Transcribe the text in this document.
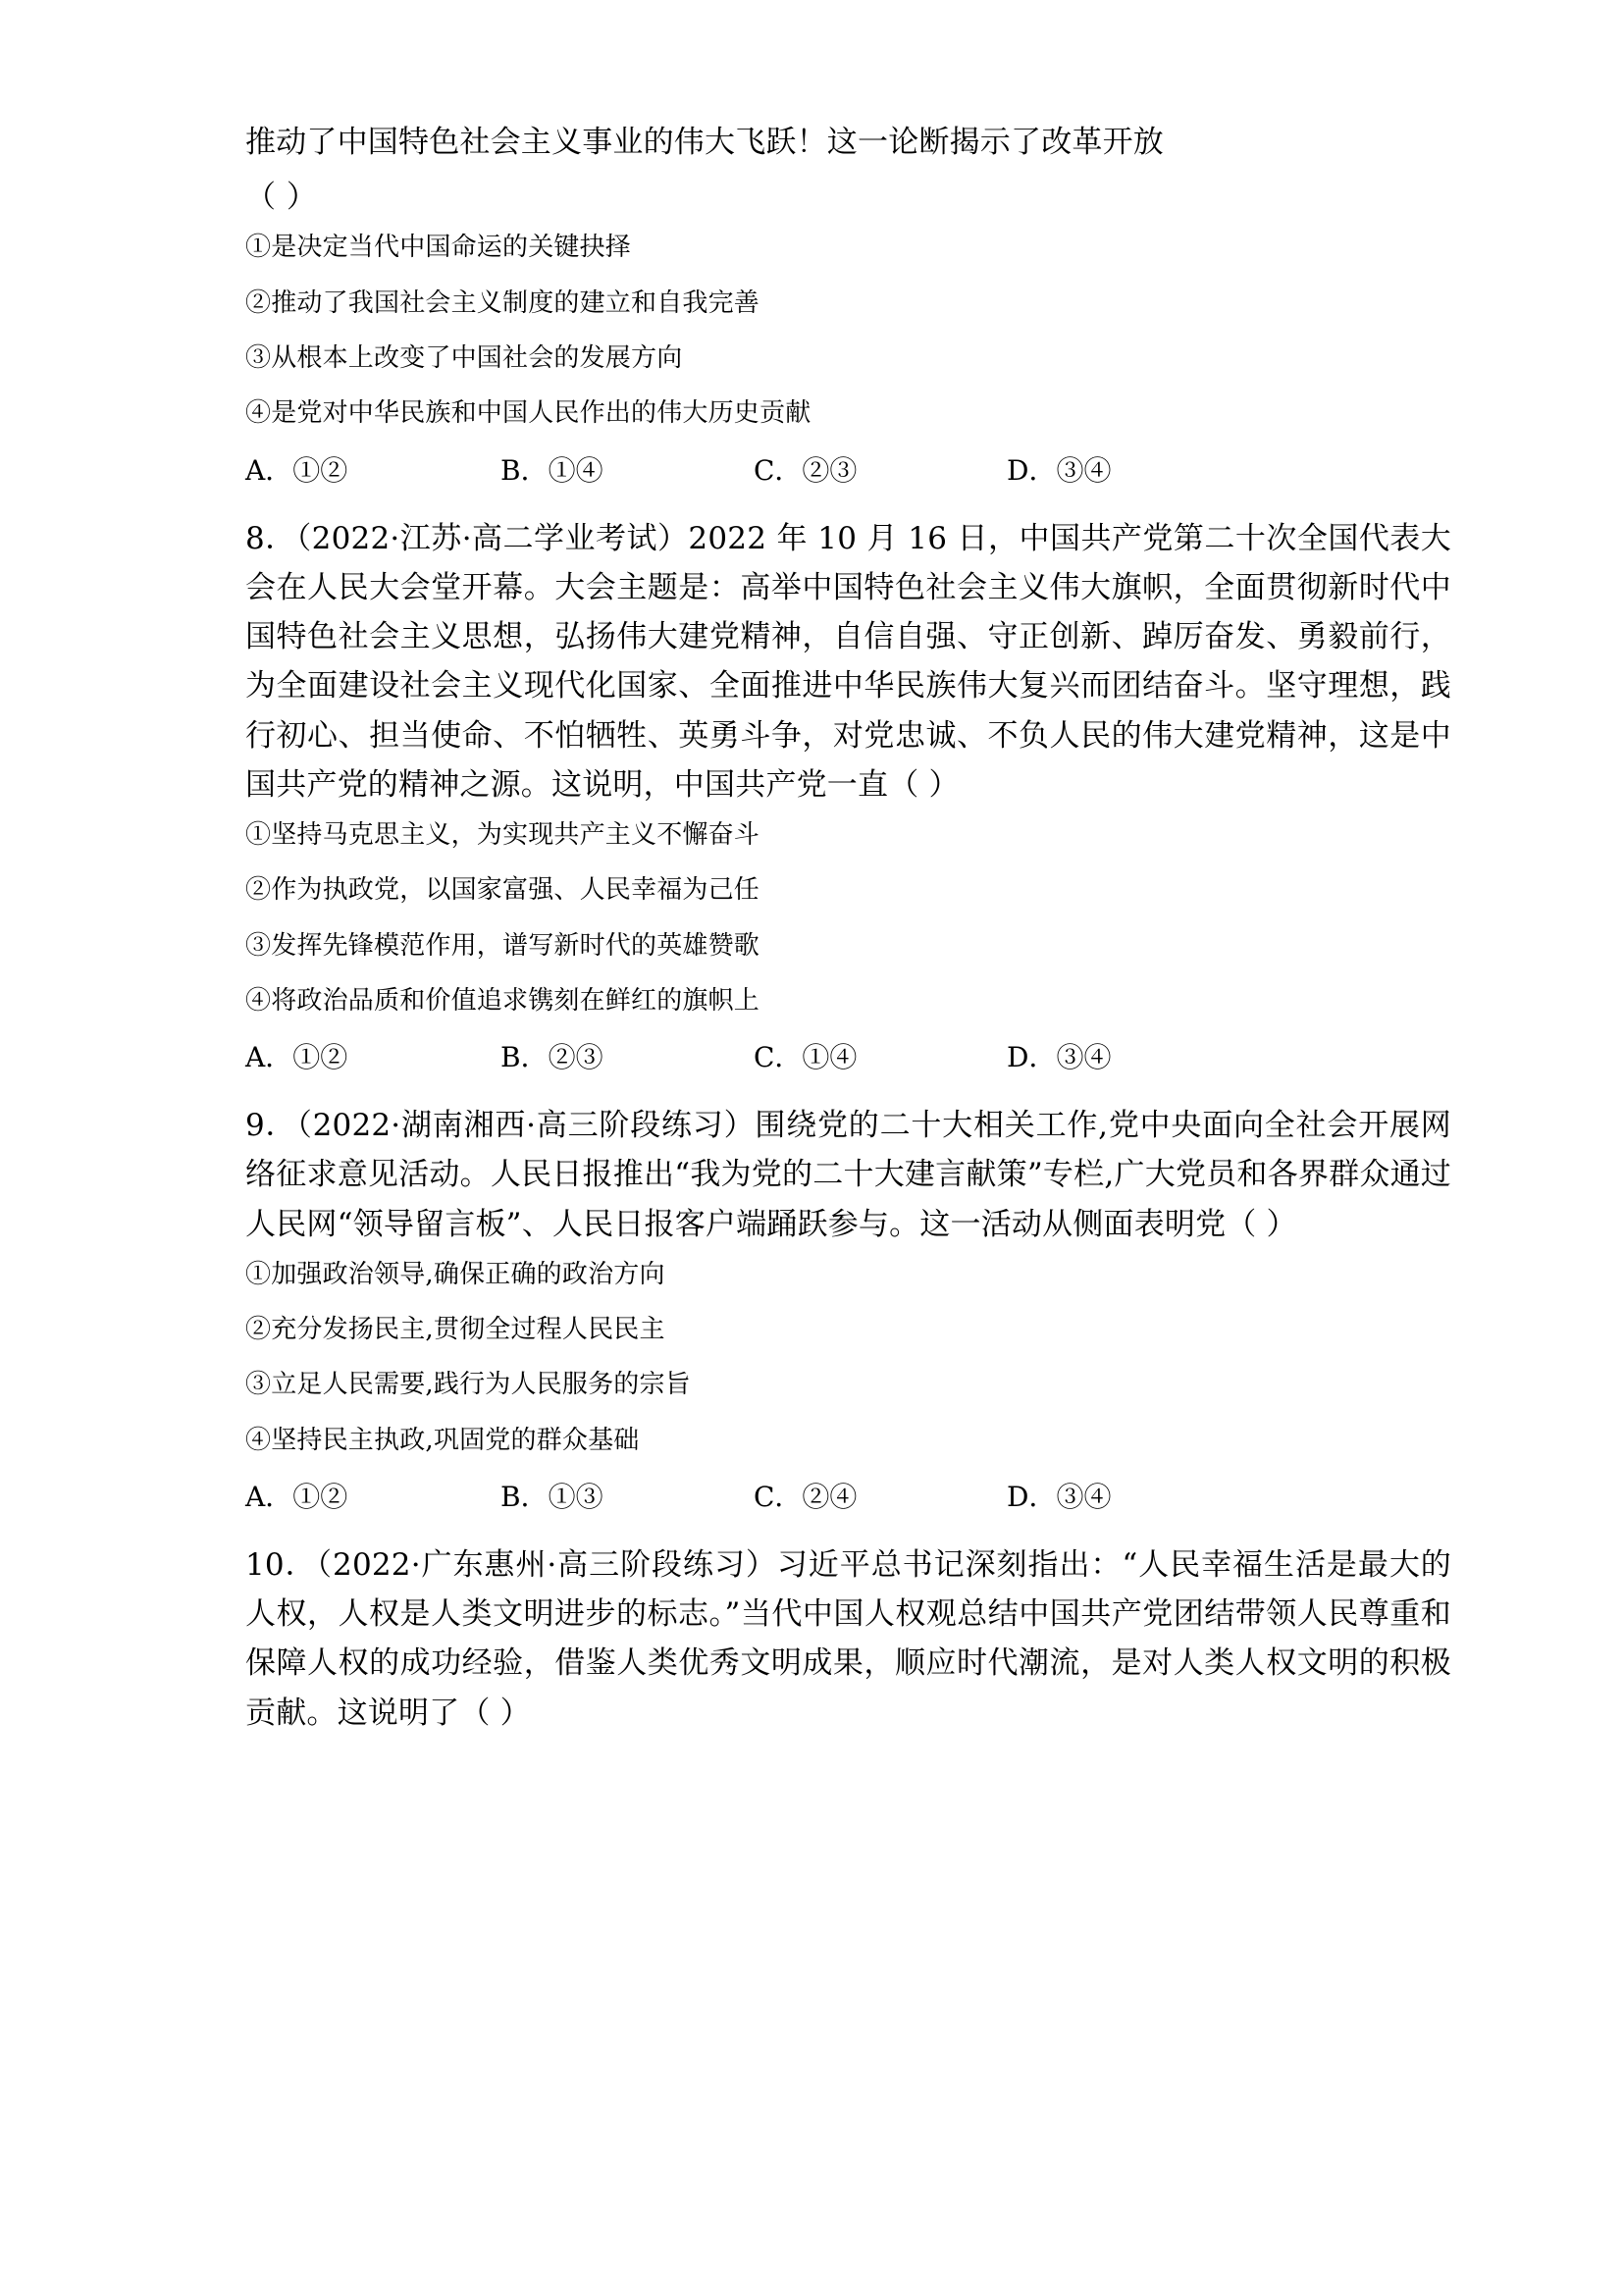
推动了中国特色社会主义事业的伟大飞跃！这一论断揭示了改革开放
（ ）
①是决定当代中国命运的关键抉择
②推动了我国社会主义制度的建立和自我完善
③从根本上改变了中国社会的发展方向
④是党对中华民族和中国人民作出的伟大历史贡献
A．①②	B．①④	C．②③	D．③④
8．（2022·江苏·高二学业考试）2022 年 10 月 16 日，中国共产党第二十次全国代表大会在人民大会堂开幕。大会主题是：高举中国特色社会主义伟大旗帜，全面贯彻新时代中国特色社会主义思想，弘扬伟大建党精神，自信自强、守正创新、踔厉奋发、勇毅前行，为全面建设社会主义现代化国家、全面推进中华民族伟大复兴而团结奋斗。坚守理想，践行初心、担当使命、不怕牺牲、英勇斗争，对党忠诚、不负人民的伟大建党精神，这是中国共产党的精神之源。这说明，中国共产党一直（ ）
①坚持马克思主义，为实现共产主义不懈奋斗
②作为执政党，以国家富强、人民幸福为己任
③发挥先锋模范作用，谱写新时代的英雄赞歌
④将政治品质和价值追求镌刻在鲜红的旗帜上
A．①②	B．②③	C．①④	D．③④
9．（2022·湖南湘西·高三阶段练习）围绕党的二十大相关工作,党中央面向全社会开展网络征求意见活动。人民日报推出“我为党的二十大建言献策”专栏,广大党员和各界群众通过人民网“领导留言板”、人民日报客户端踊跃参与。这一活动从侧面表明党（ ）
①加强政治领导,确保正确的政治方向
②充分发扬民主,贯彻全过程人民民主
③立足人民需要,践行为人民服务的宗旨
④坚持民主执政,巩固党的群众基础
A．①②	B．①③	C．②④	D．③④
10．（2022·广东惠州·高三阶段练习）习近平总书记深刻指出：“人民幸福生活是最大的人权，人权是人类文明进步的标志。”当代中国人权观总结中国共产党团结带领人民尊重和保障人权的成功经验，借鉴人类优秀文明成果，顺应时代潮流，是对人类人权文明的积极贡献。这说明了（ ）
